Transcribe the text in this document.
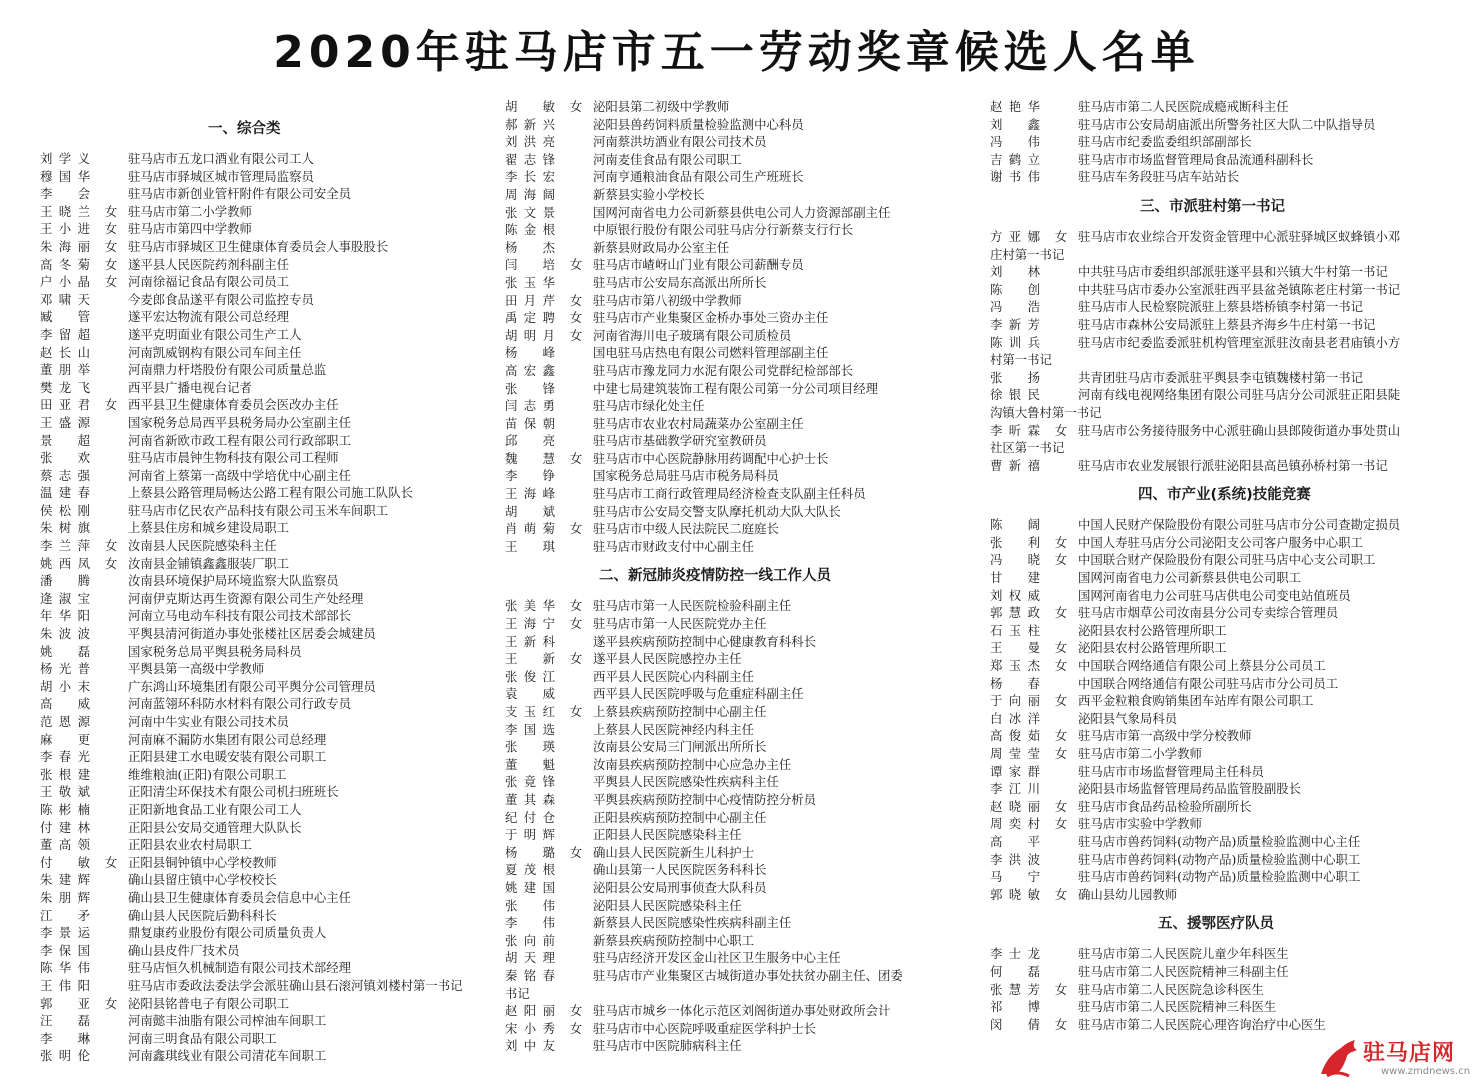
2020年驻马店市五一劳动奖章候选人名单
一、综合类
刘学义	驻马店市五龙口酒业有限公司工人
穆国华	驻马店市驿城区城市管理局监察员
李会	驻马店市新创业管杆附件有限公司安全员
王晓兰	女 驻马店市第二小学教师
王小进	女 驻马店市第四中学教师
朱海丽	女 驻马店市驿城区卫生健康体育委员会人事股股长
高冬菊	女 遂平县人民医院药剂科副主任
户小晶	女 河南徐福记食品有限公司员工
邓啸天	今麦郎食品遂平有限公司监控专员
臧管	遂平宏达物流有限公司总经理
李留超	遂平克明面业有限公司生产工人
赵长山	河南凯威钢构有限公司车间主任
董朋举	河南鼎力杆塔股份有限公司质量总监
樊龙飞	西平县广播电视台记者
田亚君	女 西平县卫生健康体育委员会医改办主任
王盛源	国家税务总局西平县税务局办公室副主任
景超	河南省新欧市政工程有限公司行政部职工
张欢	驻马店市晨钟生物科技有限公司工程师
蔡志强	河南省上蔡第一高级中学培优中心副主任
温建春	上蔡县公路管理局畅达公路工程有限公司施工队队长
侯松刚	驻马店市亿民农产品科技有限公司玉米车间职工
朱树旗	上蔡县住房和城乡建设局职工
李兰萍	女 汝南县人民医院感染科主任
姚西凤	女 汝南县金铺镇鑫鑫服装厂职工
潘腾	汝南县环境保护局环境监察大队监察员
逄淑宝	河南伊克斯达再生资源有限公司生产处经理
年华阳	河南立马电动车科技有限公司技术部部长
朱波波	平舆县清河街道办事处张楼社区居委会城建员
姚磊	国家税务总局平舆县税务局科员
杨光普	平舆县第一高级中学教师
胡小末	广东鸿山环境集团有限公司平舆分公司管理员
高威	河南蓝翎环科防水材料有限公司行政专员
范恩源	河南中牛实业有限公司技术员
麻更	河南麻不漏防水集团有限公司总经理
李春光	正阳县建工水电暖安装有限公司职工
张根建	维维粮油(正阳)有限公司职工
王敬斌	正阳清尘环保技术有限公司机扫班班长
陈彬楠	正阳新地食品工业有限公司工人
付建林	正阳县公安局交通管理大队队长
董高领	正阳县农业农村局职工
付敏	女 正阳县铜钟镇中心学校教师
朱建辉	确山县留庄镇中心学校校长
朱朋辉	确山县卫生健康体育委员会信息中心主任
江矛	确山县人民医院后勤科科长
李景运	鼎复康药业股份有限公司质量负责人
李保国	确山县皮件厂技术员
陈华伟	驻马店恒久机械制造有限公司技术部经理
王伟阳	驻马店市委政法委法学会派驻确山县石滚河镇刘楼村第一书记
郭亚	女 泌阳县铭普电子有限公司职工
汪磊	河南懿丰油脂有限公司榨油车间职工
李琳	河南三明食品有限公司职工
张明伦	河南鑫琪线业有限公司清花车间职工
胡敏	女 泌阳县第二初级中学教师
郝新兴	泌阳县兽药饲料质量检验监测中心科员
刘洪亮	河南蔡洪坊酒业有限公司技术员
翟志锋	河南麦佳食品有限公司职工
李长宏	河南亨通粮油食品有限公司生产班班长
周海阔	新蔡县实验小学校长
张文景	国网河南省电力公司新蔡县供电公司人力资源部副主任
陈金根	中原银行股份有限公司驻马店分行新蔡支行行长
杨杰	新蔡县财政局办公室主任
闫培	女 驻马店市嵖岈山门业有限公司薪酬专员
张玉华	驻马店市公安局东高派出所所长
田月芹	女 驻马店市第八初级中学教师
禹定聘	女 驻马店市产业集聚区金桥办事处三资办主任
胡明月	女 河南省海川电子玻璃有限公司质检员
杨峰	国电驻马店热电有限公司燃料管理部副主任
高宏鑫	驻马店市豫龙同力水泥有限公司党群纪检部部长
张锋	中建七局建筑装饰工程有限公司第一分公司项目经理
闫志勇	驻马店市绿化处主任
苗保朝	驻马店市农业农村局蔬菜办公室副主任
邱亮	驻马店市基础教学研究室教研员
魏慧	女 驻马店市中心医院静脉用药调配中心护士长
李铮	国家税务总局驻马店市税务局科员
王海峰	驻马店市工商行政管理局经济检查支队副主任科员
胡斌	驻马店市公安局交警支队摩托机动大队大队长
肖萌菊	女 驻马店市中级人民法院民二庭庭长
王琪	驻马店市财政支付中心副主任
二、新冠肺炎疫情防控一线工作人员
张美华	女 驻马店市第一人民医院检验科副主任
王海宁	女 驻马店市第一人民医院党办主任
王新科	遂平县疾病预防控制中心健康教育科科长
王新	女 遂平县人民医院感控办主任
张俊江	西平县人民医院心内科副主任
袁威	西平县人民医院呼吸与危重症科副主任
支玉红	女 上蔡县疾病预防控制中心副主任
李国选	上蔡县人民医院神经内科主任
张瑛	汝南县公安局三门闸派出所所长
董魁	汝南县疾病预防控制中心应急办主任
张竟锋	平舆县人民医院感染性疾病科主任
董其森	平舆县疾病预防控制中心疫情防控分析员
纪付仓	正阳县疾病预防控制中心副主任
于明辉	正阳县人民医院感染科主任
杨璐	女 确山县人民医院新生儿科护士
夏茂根	确山县第一人民医院医务科科长
姚建国	泌阳县公安局刑事侦查大队科员
张伟	泌阳县人民医院感染科主任
李伟	新蔡县人民医院感染性疾病科副主任
张向前	新蔡县疾病预防控制中心职工
胡天理	驻马店经济开发区金山社区卫生服务中心主任
秦铭春	驻马店市产业集聚区古城街道办事处扶贫办副主任、团委
书记
赵阳丽	女 驻马店市城乡一体化示范区刘阁街道办事处财政所会计
宋小秀	女 驻马店市中心医院呼吸重症医学科护士长
刘中友	驻马店市中医院肺病科主任
赵艳华	驻马店市第二人民医院成瘾戒断科主任
刘鑫	驻马店市公安局胡庙派出所警务社区大队二中队指导员
冯伟	驻马店市纪委监委组织部副部长
吉鹤立	驻马店市市场监督管理局食品流通科副科长
谢书伟	驻马店车务段驻马店车站站长
三、市派驻村第一书记
方亚娜	女 驻马店市农业综合开发资金管理中心派驻驿城区蚁蜂镇小邓
庄村第一书记
刘林	中共驻马店市委组织部派驻遂平县和兴镇大牛村第一书记
陈创	中共驻马店市委办公室派驻西平县盆尧镇陈老庄村第一书记
冯浩	驻马店市人民检察院派驻上蔡县塔桥镇李村第一书记
李新芳	驻马店市森林公安局派驻上蔡县齐海乡牛庄村第一书记
陈训兵	驻马店市纪委监委派驻机构管理室派驻汝南县老君庙镇小方
村第一书记
张扬	共青团驻马店市委派驻平舆县李屯镇魏楼村第一书记
徐银民	河南有线电视网络集团有限公司驻马店分公司派驻正阳县陡
沟镇大鲁村第一书记
李昕霖	女 驻马店市公务接待服务中心派驻确山县郎陵街道办事处贯山
社区第一书记
曹新禧	驻马店市农业发展银行派驻泌阳县高邑镇孙桥村第一书记
四、市产业(系统)技能竞赛
陈阔	中国人民财产保险股份有限公司驻马店市分公司查勘定损员
张利	女 中国人寿驻马店分公司泌阳支公司客户服务中心职工
冯晓	女 中国联合财产保险股份有限公司驻马店中心支公司职工
甘建	国网河南省电力公司新蔡县供电公司职工
刘权威	国网河南省电力公司驻马店供电公司变电站值班员
郭慧政	女 驻马店市烟草公司汝南县分公司专卖综合管理员
石玉柱	泌阳县农村公路管理所职工
王曼	女 泌阳县农村公路管理所职工
郑玉杰	女 中国联合网络通信有限公司上蔡县分公司员工
杨春	中国联合网络通信有限公司驻马店市分公司员工
于向丽	女 西平金粒粮食购销集团车站库有限公司职工
白冰洋	泌阳县气象局科员
高俊茹	女 驻马店市第一高级中学分校教师
周莹莹	女 驻马店市第二小学教师
谭家群	驻马店市市场监督管理局主任科员
李江川	泌阳县市场监督管理局药品监管股副股长
赵晓丽	女 驻马店市食品药品检验所副所长
周奕村	女 驻马店市实验中学教师
高平	驻马店市兽药饲料(动物产品)质量检验监测中心主任
李洪波	驻马店市兽药饲料(动物产品)质量检验监测中心职工
马宁	驻马店市兽药饲料(动物产品)质量检验监测中心职工
郭晓敏	女 确山县幼儿园教师
五、援鄂医疗队员
李士龙	驻马店市第二人民医院儿童少年科医生
何磊	驻马店市第二人民医院精神三科副主任
张慧芳	女 驻马店市第二人民医院急诊科医生
祁博	驻马店市第二人民医院精神三科医生
闵倩	女 驻马店市第二人民医院心理咨询治疗中心医生
驻马店网
www.zmdnews.cn
